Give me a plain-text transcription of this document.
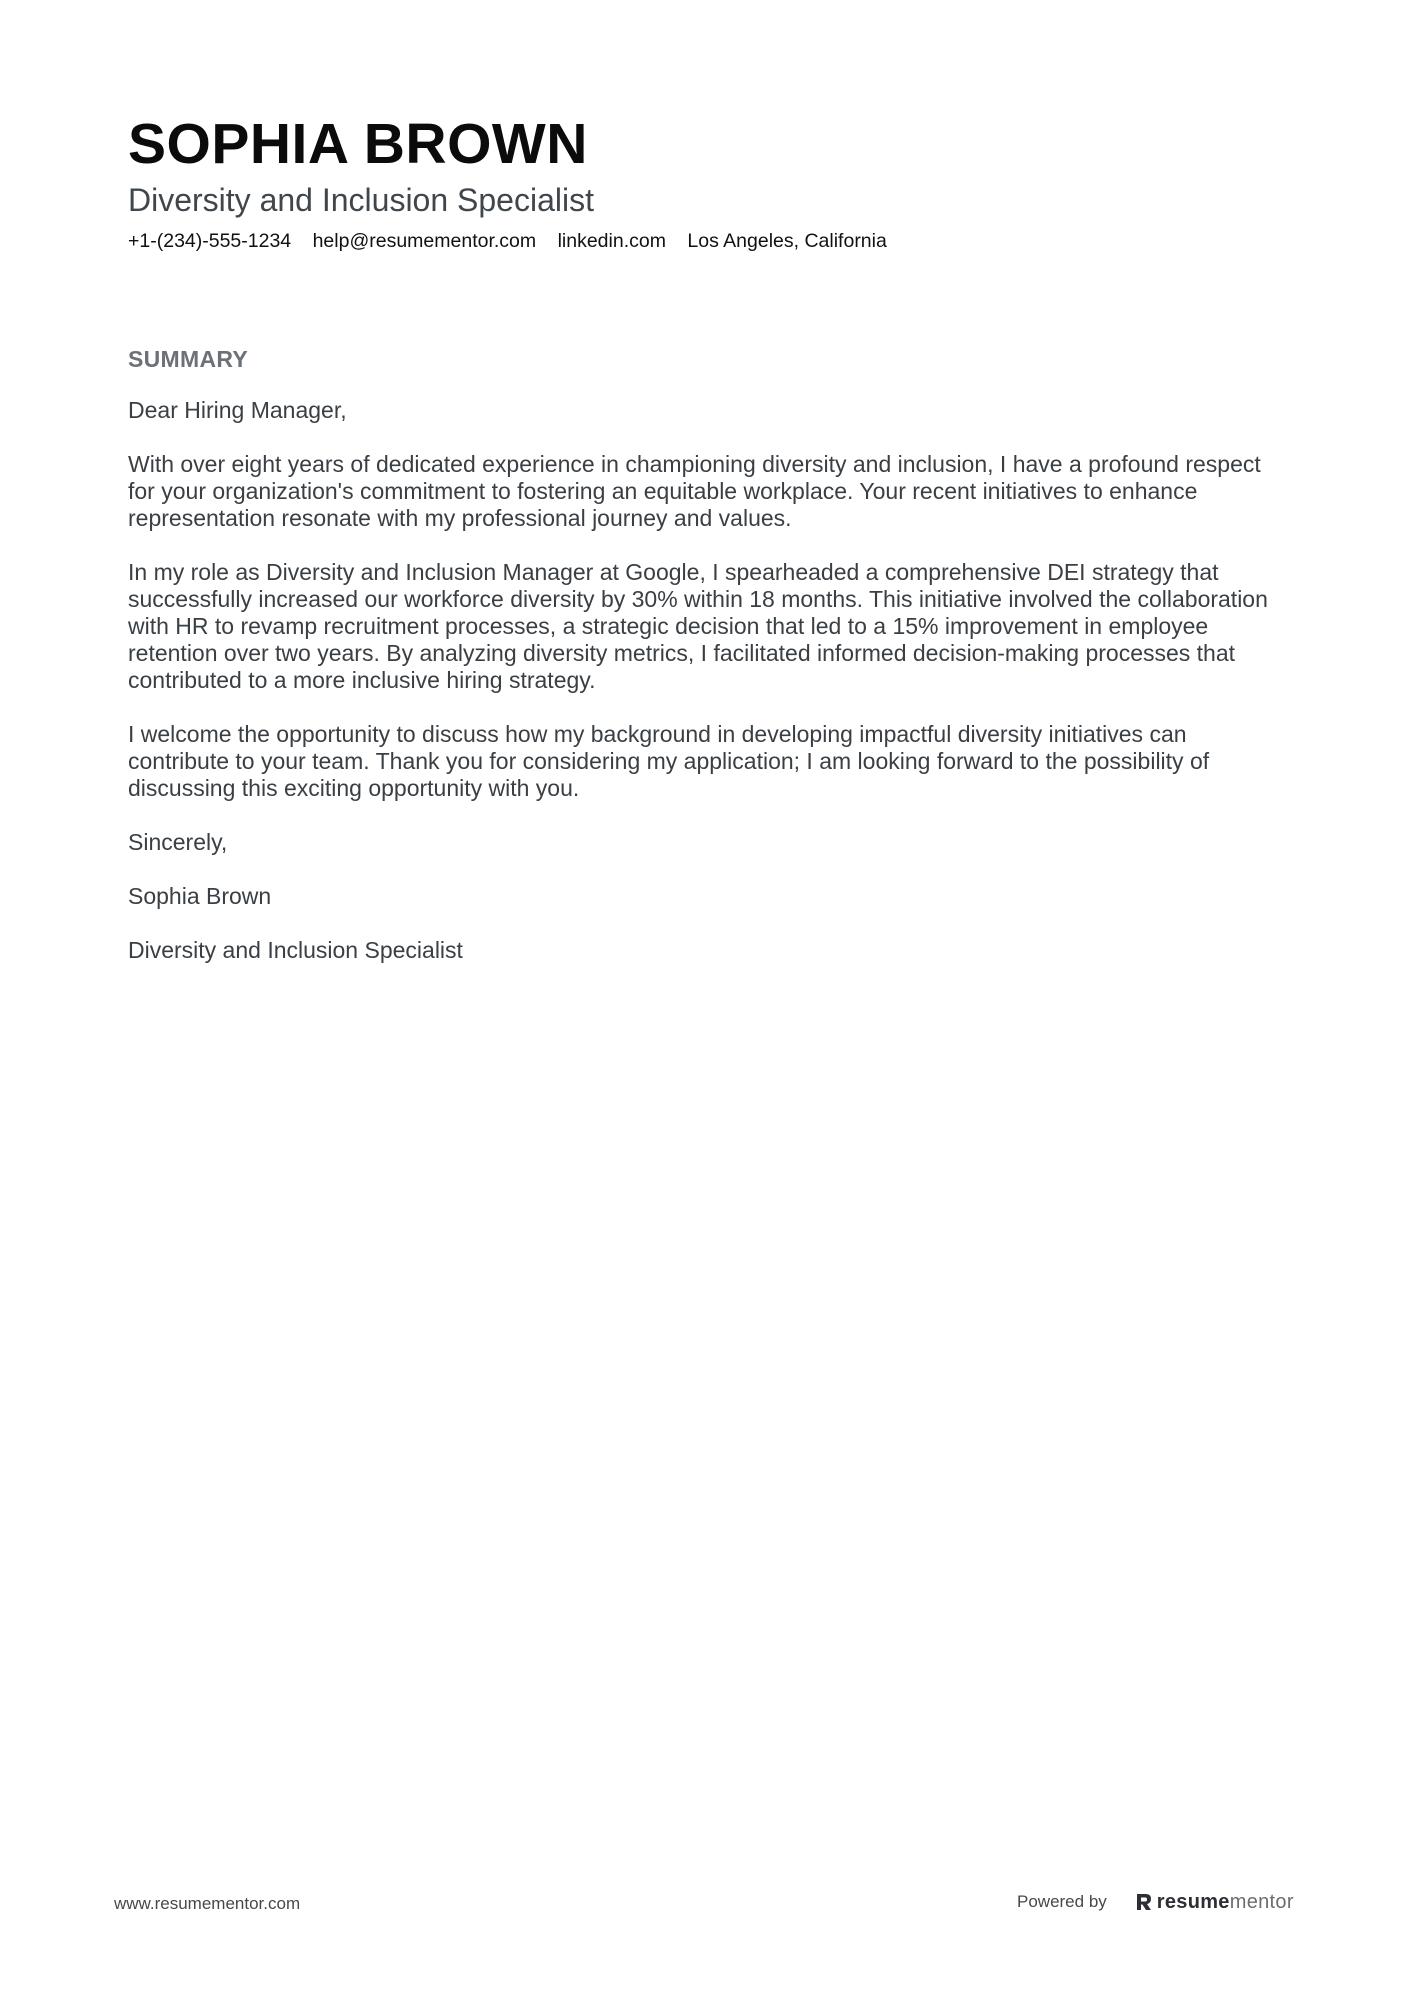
SOPHIA BROWN
Diversity and Inclusion Specialist
+1-(234)-555-1234 help@resumementor.com linkedin.com Los Angeles, California
SUMMARY

Dear Hiring Manager,

With over eight years of dedicated experience in championing diversity and inclusion, I have a profound respect for your organization's commitment to fostering an equitable workplace. Your recent initiatives to enhance representation resonate with my professional journey and values.

In my role as Diversity and Inclusion Manager at Google, I spearheaded a comprehensive DEI strategy that successfully increased our workforce diversity by 30% within 18 months. This initiative involved the collaboration with HR to revamp recruitment processes, a strategic decision that led to a 15% improvement in employee retention over two years. By analyzing diversity metrics, I facilitated informed decision-making processes that contributed to a more inclusive hiring strategy.

I welcome the opportunity to discuss how my background in developing impactful diversity initiatives can contribute to your team. Thank you for considering my application; I am looking forward to the possibility of discussing this exciting opportunity with you.

Sincerely,

Sophia Brown

Diversity and Inclusion Specialist

www.resumementor.com	Powered by	resumementor
